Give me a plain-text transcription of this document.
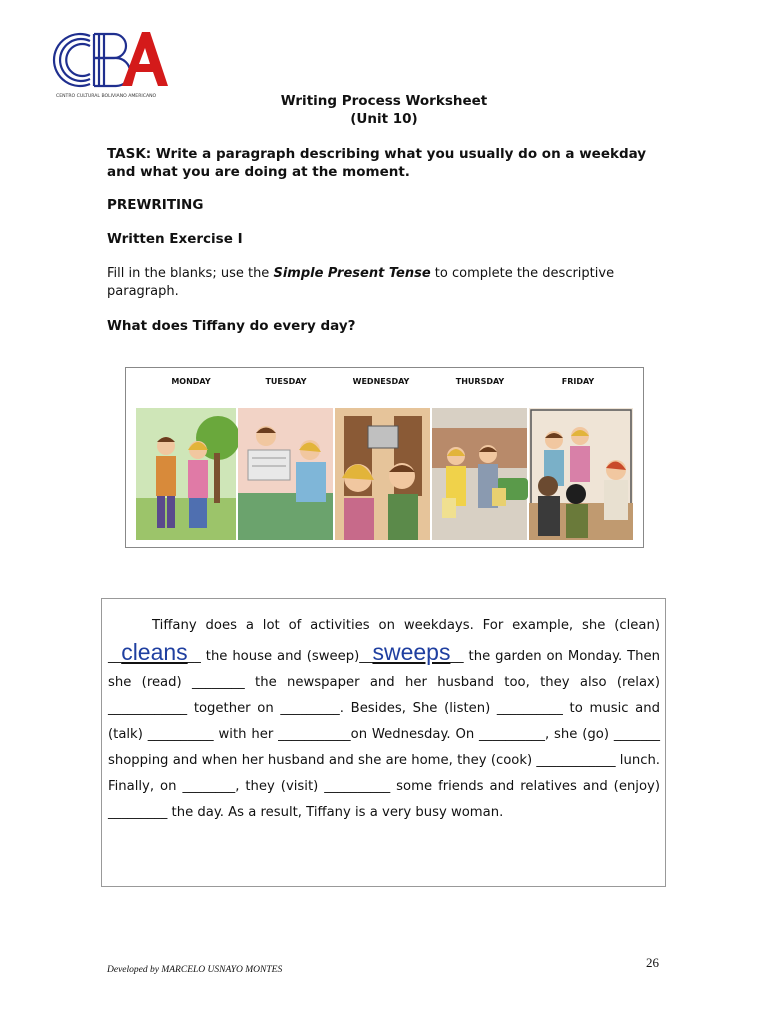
CENTRO CULTURAL BOLIVIANO AMERICANO	Writing Process Worksheet
(Unit 10)
TASK: Write a paragraph describing what you usually do on a weekday and what you are doing at the moment.
PREWRITING
Written Exercise I
Fill in the blanks; use the Simple Present Tense to complete the descriptive paragraph.
What does Tiffany do every day?
MONDAY	TUESDAY	WEDNESDAY	THURSDAY	FRIDAY

Tiffany does a lot of activities on weekdays. For example, she (clean) __cleans__ the house and (sweep)__sweeps__ the garden on Monday. Then she (read) ________ the newspaper and her husband too, they also (relax) ____________ together on _________. Besides, She (listen) __________ to music and (talk) __________ with her ___________on Wednesday. On __________, she (go) _______ shopping and when her husband and she are home, they (cook) ____________ lunch. Finally, on ________, they (visit) __________ some friends and relatives and (enjoy) _________ the day. As a result, Tiffany is a very busy woman.

Developed by MARCELO USNAYO MONTES	26
